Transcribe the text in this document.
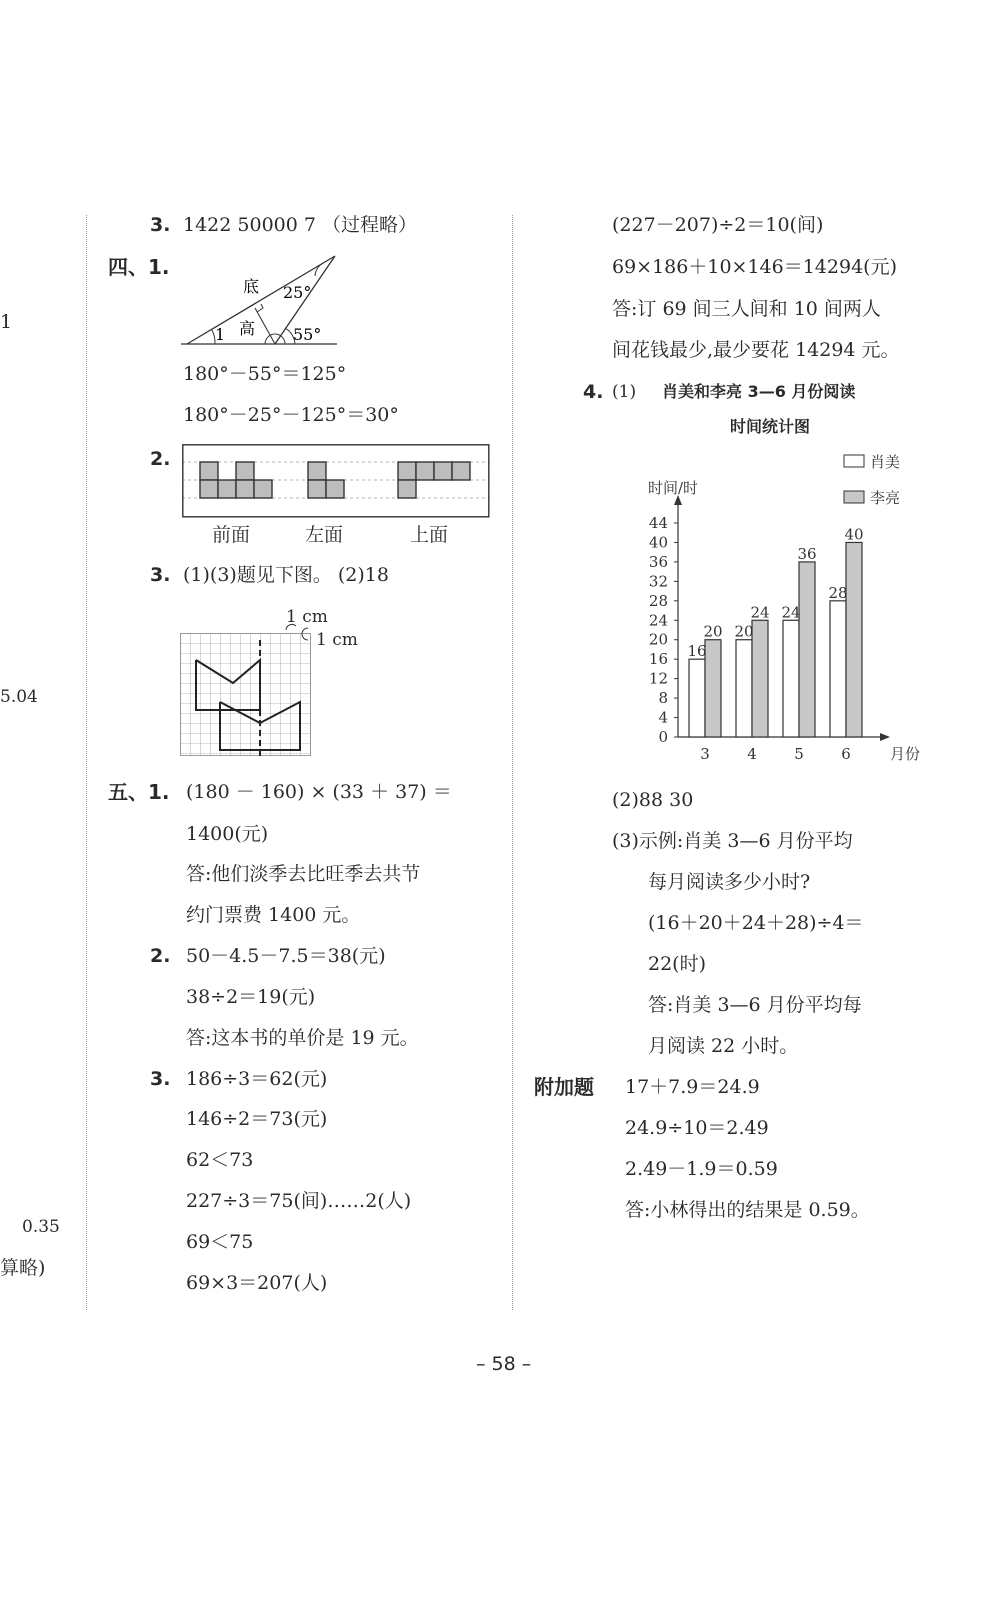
1
5.04
0.35
算略)
3. 1422 50000 7 （过程略）
四、1.
底 25°
高 55°
1
180°－55°＝125°
180°－25°－125°＝30°
2.
前面	左面	上面
3. (1)(3)题见下图。 (2)18
1 cm
1 cm
五、1. (180 － 160) × (33 ＋ 37) ＝
1400(元)
答:他们淡季去比旺季去共节
约门票费 1400 元。
2. 50－4.5－7.5＝38(元)
38÷2＝19(元)
答:这本书的单价是 19 元。
3. 186÷3＝62(元)
146÷2＝73(元)
62＜73
227÷3＝75(间)……2(人)
69＜75
69×3＝207(人)
(227－207)÷2＝10(间)
69×186＋10×146＝14294(元)
答:订 69 间三人间和 10 间两人
间花钱最少,最少要花 14294 元。
4. (1) 肖美和李亮 3—6 月份阅读
时间统计图
0
4
8
12
16
20
24
28
32
36
40
44
时间/时
月份
3
16
20
4
20
24
5
24
36
6
28
40
肖美
李亮
(2)88 30
(3)示例:肖美 3—6 月份平均
每月阅读多少小时?
(16＋20＋24＋28)÷4＝
22(时)
答:肖美 3—6 月份平均每
月阅读 22 小时。
附加题 17＋7.9＝24.9
24.9÷10＝2.49
2.49－1.9＝0.59
答:小林得出的结果是 0.59。
– 58 –
